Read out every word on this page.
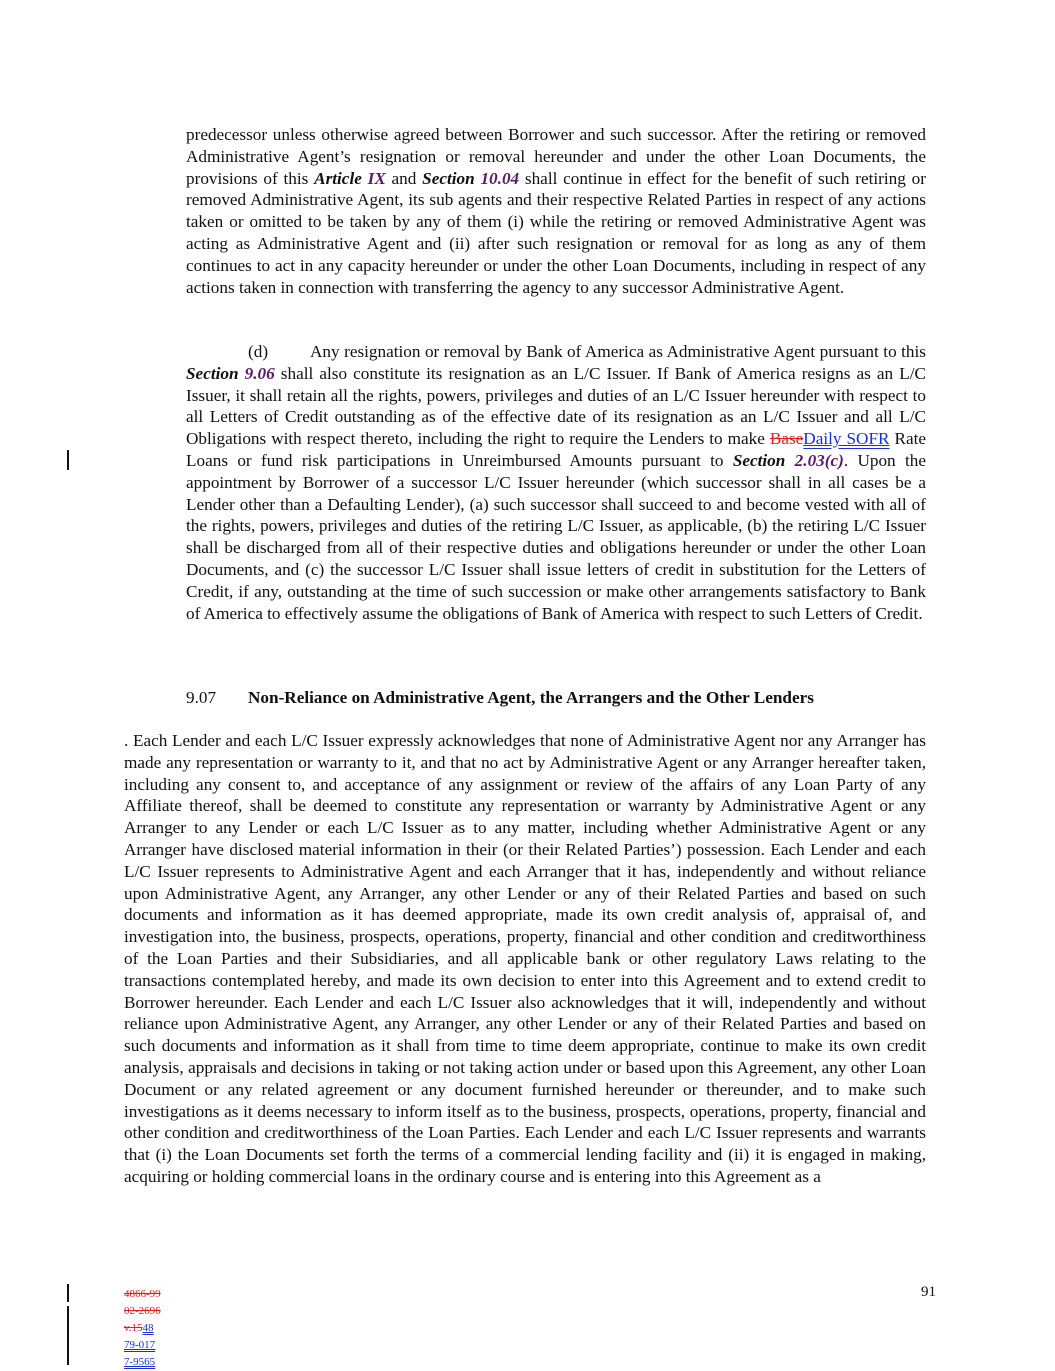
predecessor unless otherwise agreed between Borrower and such successor. After the retiring or removed Administrative Agent’s resignation or removal hereunder and under the other Loan Documents, the provisions of this Article IX and Section 10.04 shall continue in effect for the benefit of such retiring or removed Administrative Agent, its sub agents and their respective Related Parties in respect of any actions taken or omitted to be taken by any of them (i) while the retiring or removed Administrative Agent was acting as Administrative Agent and (ii) after such resignation or removal for as long as any of them continues to act in any capacity hereunder or under the other Loan Documents, including in respect of any actions taken in connection with transferring the agency to any successor Administrative Agent.
(d) Any resignation or removal by Bank of America as Administrative Agent pursuant to this Section 9.06 shall also constitute its resignation as an L/C Issuer. If Bank of America resigns as an L/C Issuer, it shall retain all the rights, powers, privileges and duties of an L/C Issuer hereunder with respect to all Letters of Credit outstanding as of the effective date of its resignation as an L/C Issuer and all L/C Obligations with respect thereto, including the right to require the Lenders to make BaseDaily SOFR Rate Loans or fund risk participations in Unreimbursed Amounts pursuant to Section 2.03(c). Upon the appointment by Borrower of a successor L/C Issuer hereunder (which successor shall in all cases be a Lender other than a Defaulting Lender), (a) such successor shall succeed to and become vested with all of the rights, powers, privileges and duties of the retiring L/C Issuer, as applicable, (b) the retiring L/C Issuer shall be discharged from all of their respective duties and obligations hereunder or under the other Loan Documents, and (c) the successor L/C Issuer shall issue letters of credit in substitution for the Letters of Credit, if any, outstanding at the time of such succession or make other arrangements satisfactory to Bank of America to effectively assume the obligations of Bank of America with respect to such Letters of Credit.
9.07 Non-Reliance on Administrative Agent, the Arrangers and the Other Lenders
. Each Lender and each L/C Issuer expressly acknowledges that none of Administrative Agent nor any Arranger has made any representation or warranty to it, and that no act by Administrative Agent or any Arranger hereafter taken, including any consent to, and acceptance of any assignment or review of the affairs of any Loan Party of any Affiliate thereof, shall be deemed to constitute any representation or warranty by Administrative Agent or any Arranger to any Lender or each L/C Issuer as to any matter, including whether Administrative Agent or any Arranger have disclosed material information in their (or their Related Parties’) possession. Each Lender and each L/C Issuer represents to Administrative Agent and each Arranger that it has, independently and without reliance upon Administrative Agent, any Arranger, any other Lender or any of their Related Parties and based on such documents and information as it has deemed appropriate, made its own credit analysis of, appraisal of, and investigation into, the business, prospects, operations, property, financial and other condition and creditworthiness of the Loan Parties and their Subsidiaries, and all applicable bank or other regulatory Laws relating to the transactions contemplated hereby, and made its own decision to enter into this Agreement and to extend credit to Borrower hereunder. Each Lender and each L/C Issuer also acknowledges that it will, independently and without reliance upon Administrative Agent, any Arranger, any other Lender or any of their Related Parties and based on such documents and information as it shall from time to time deem appropriate, continue to make its own credit analysis, appraisals and decisions in taking or not taking action under or based upon this Agreement, any other Loan Document or any related agreement or any document furnished hereunder or thereunder, and to make such investigations as it deems necessary to inform itself as to the business, prospects, operations, property, financial and other condition and creditworthiness of the Loan Parties. Each Lender and each L/C Issuer represents and warrants that (i) the Loan Documents set forth the terms of a commercial lending facility and (ii) it is engaged in making, acquiring or holding commercial loans in the ordinary course and is entering into this Agreement as a
4866-99
02-2696
v.1548
79-017
7-9565
91
